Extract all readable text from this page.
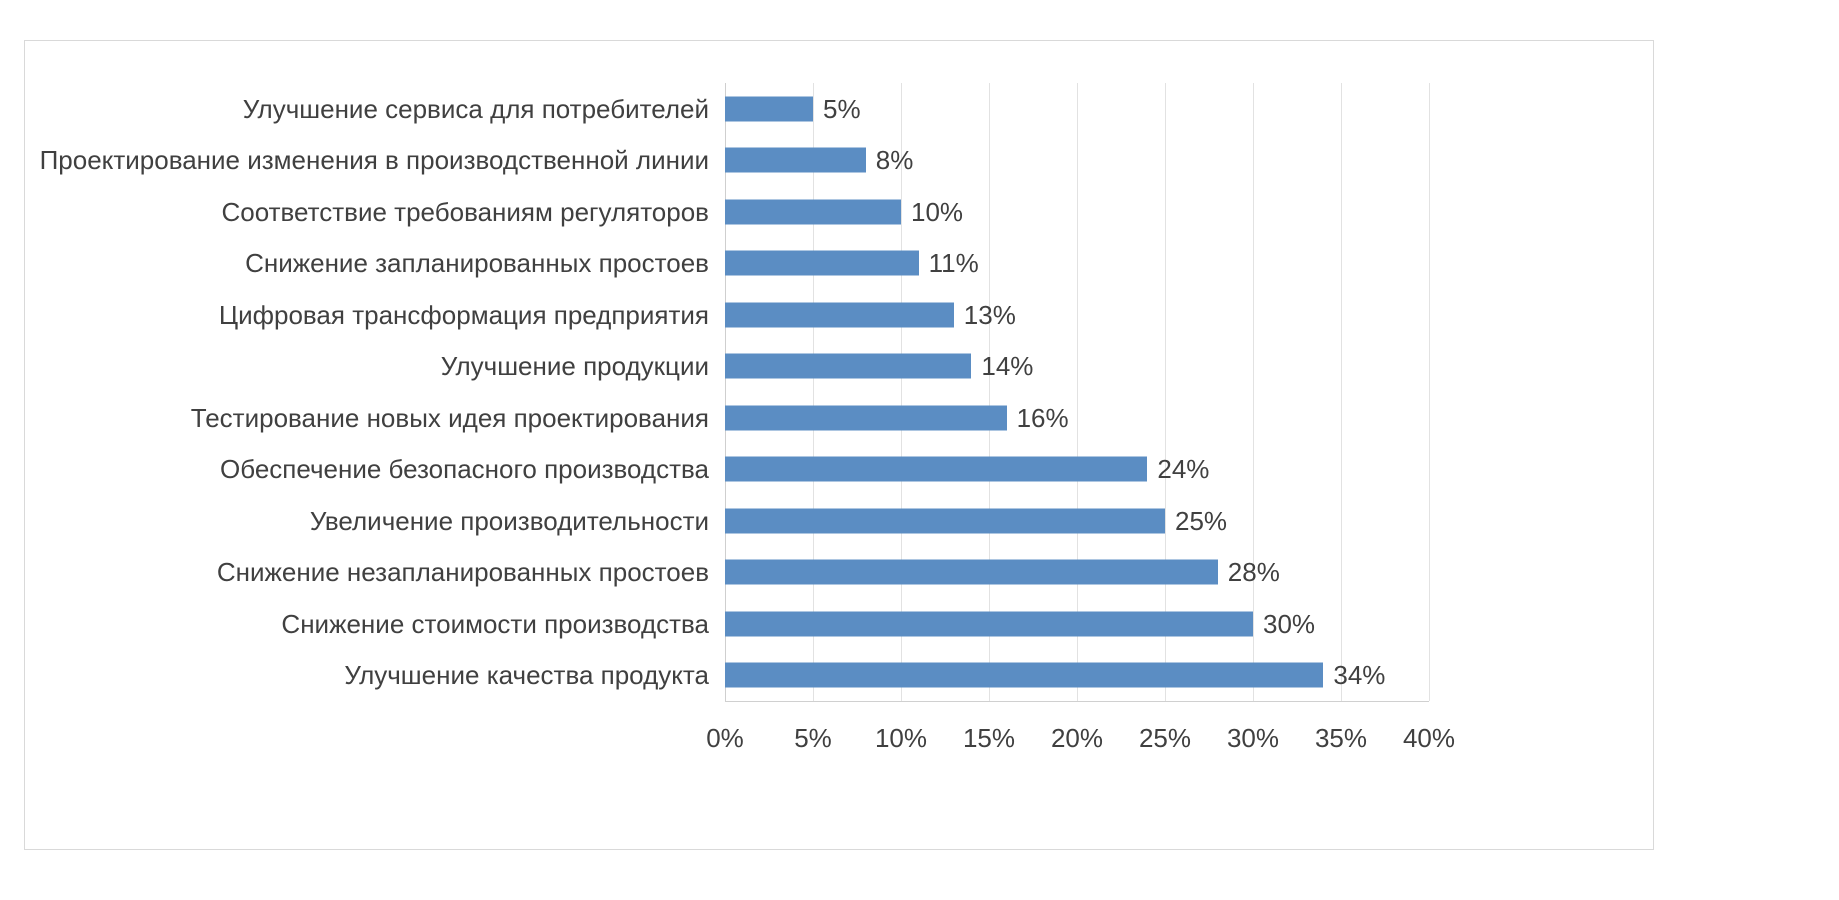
Улучшение сервиса для потребителей	5%
Проектирование изменения в производственной линии	8%
Соответствие требованиям регуляторов	10%
Снижение запланированных простоев	11%
Цифровая трансформация предприятия	13%
Улучшение продукции	14%
Тестирование новых идея проектирования	16%
Обеспечение безопасного производства	24%
Увеличение производительности	25%
Снижение незапланированных простоев	28%
Снижение стоимости производства	30%
Улучшение качества продукта	34%
0% 5% 10% 15% 20% 25% 30% 35% 40%
